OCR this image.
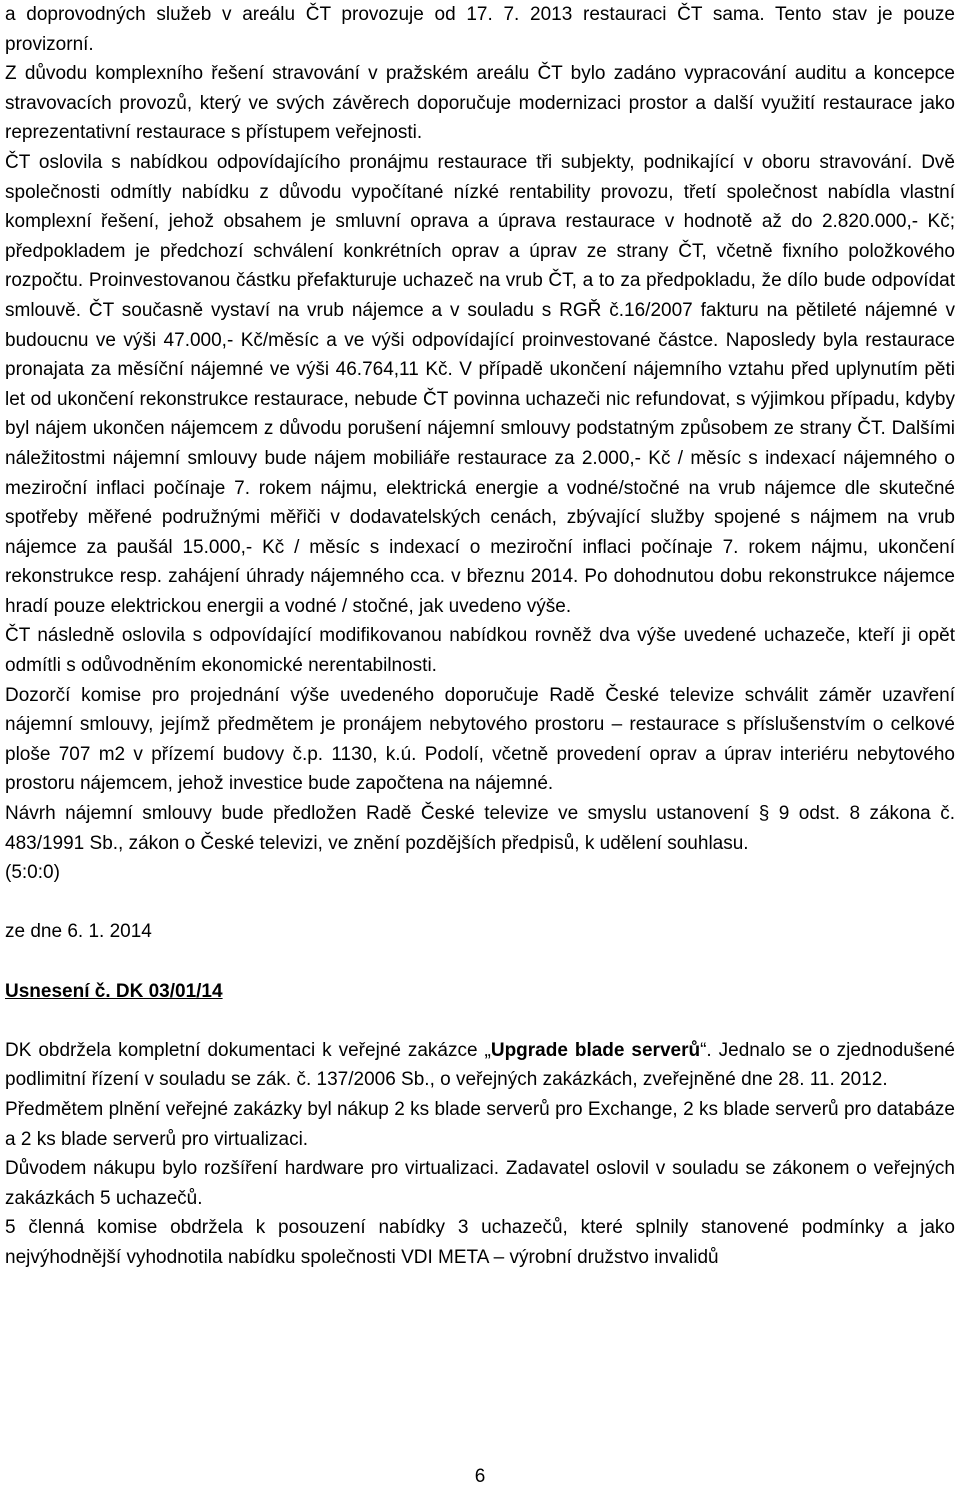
a doprovodných služeb v areálu ČT provozuje od 17. 7. 2013 restauraci ČT sama. Tento stav je pouze provizorní.

Z důvodu komplexního řešení stravování v pražském areálu ČT bylo zadáno vypracování auditu a koncepce stravovacích provozů, který ve svých závěrech doporučuje modernizaci prostor a další využití restaurace jako reprezentativní restaurace s přístupem veřejnosti.

ČT oslovila s nabídkou odpovídajícího pronájmu restaurace tři subjekty, podnikající v oboru stravování. Dvě společnosti odmítly nabídku z důvodu vypočítané nízké rentability provozu, třetí společnost nabídla vlastní komplexní řešení, jehož obsahem je smluvní oprava a úprava restaurace v hodnotě až do 2.820.000,- Kč; předpokladem je předchozí schválení konkrétních oprav a úprav ze strany ČT, včetně fixního položkového rozpočtu. Proinvestovanou částku přefakturuje uchazeč na vrub ČT, a to za předpokladu, že dílo bude odpovídat smlouvě. ČT současně vystaví na vrub nájemce a v souladu s RGŘ č.16/2007 fakturu na pětileté nájemné v budoucnu ve výši 47.000,- Kč/měsíc a ve výši odpovídající proinvestované částce. Naposledy byla restaurace pronajata za měsíční nájemné ve výši 46.764,11 Kč. V případě ukončení nájemního vztahu před uplynutím pěti let od ukončení rekonstrukce restaurace, nebude ČT povinna uchazeči nic refundovat, s výjimkou případu, kdyby byl nájem ukončen nájemcem z důvodu porušení nájemní smlouvy podstatným způsobem ze strany ČT. Dalšími náležitostmi nájemní smlouvy bude nájem mobiliáře restaurace za 2.000,- Kč / měsíc s indexací nájemného o meziroční inflaci počínaje 7. rokem nájmu, elektrická energie a vodné/stočné na vrub nájemce dle skutečné spotřeby měřené podružnými měřiči v dodavatelských cenách, zbývající služby spojené s nájmem na vrub nájemce za paušál 15.000,- Kč / měsíc s indexací o meziroční inflaci počínaje 7. rokem nájmu, ukončení rekonstrukce resp. zahájení úhrady nájemného cca. v březnu 2014. Po dohodnutou dobu rekonstrukce nájemce hradí pouze elektrickou energii a vodné / stočné, jak uvedeno výše.

ČT následně oslovila s odpovídající modifikovanou nabídkou rovněž dva výše uvedené uchazeče, kteří ji opět odmítli s odůvodněním ekonomické nerentabilnosti.

Dozorčí komise pro projednání výše uvedeného doporučuje Radě České televize schválit záměr uzavření nájemní smlouvy, jejímž předmětem je pronájem nebytového prostoru – restaurace s příslušenstvím o celkové ploše 707 m2 v přízemí budovy č.p. 1130, k.ú. Podolí, včetně provedení oprav a úprav interiéru nebytového prostoru nájemcem, jehož investice bude započtena na nájemné.

Návrh nájemní smlouvy bude předložen Radě České televize ve smyslu ustanovení § 9 odst. 8 zákona č. 483/1991 Sb., zákon o České televizi, ve znění pozdějších předpisů, k udělení souhlasu.

(5:0:0)

ze dne 6. 1. 2014

Usnesení č. DK 03/01/14

DK obdržela kompletní dokumentaci k veřejné zakázce „Upgrade blade serverů“. Jednalo se o zjednodušené podlimitní řízení v souladu se zák. č. 137/2006 Sb., o veřejných zakázkách, zveřejněné dne 28. 11. 2012.

Předmětem plnění veřejné zakázky byl nákup 2 ks blade serverů pro Exchange, 2 ks blade serverů pro databáze a 2 ks blade serverů pro virtualizaci.

Důvodem nákupu bylo rozšíření hardware pro virtualizaci. Zadavatel oslovil v souladu se zákonem o veřejných zakázkách 5 uchazečů.

5 členná komise obdržela k posouzení nabídky 3 uchazečů, které splnily stanovené podmínky a jako nejvýhodnější vyhodnotila nabídku společnosti VDI META – výrobní družstvo invalidů

6
